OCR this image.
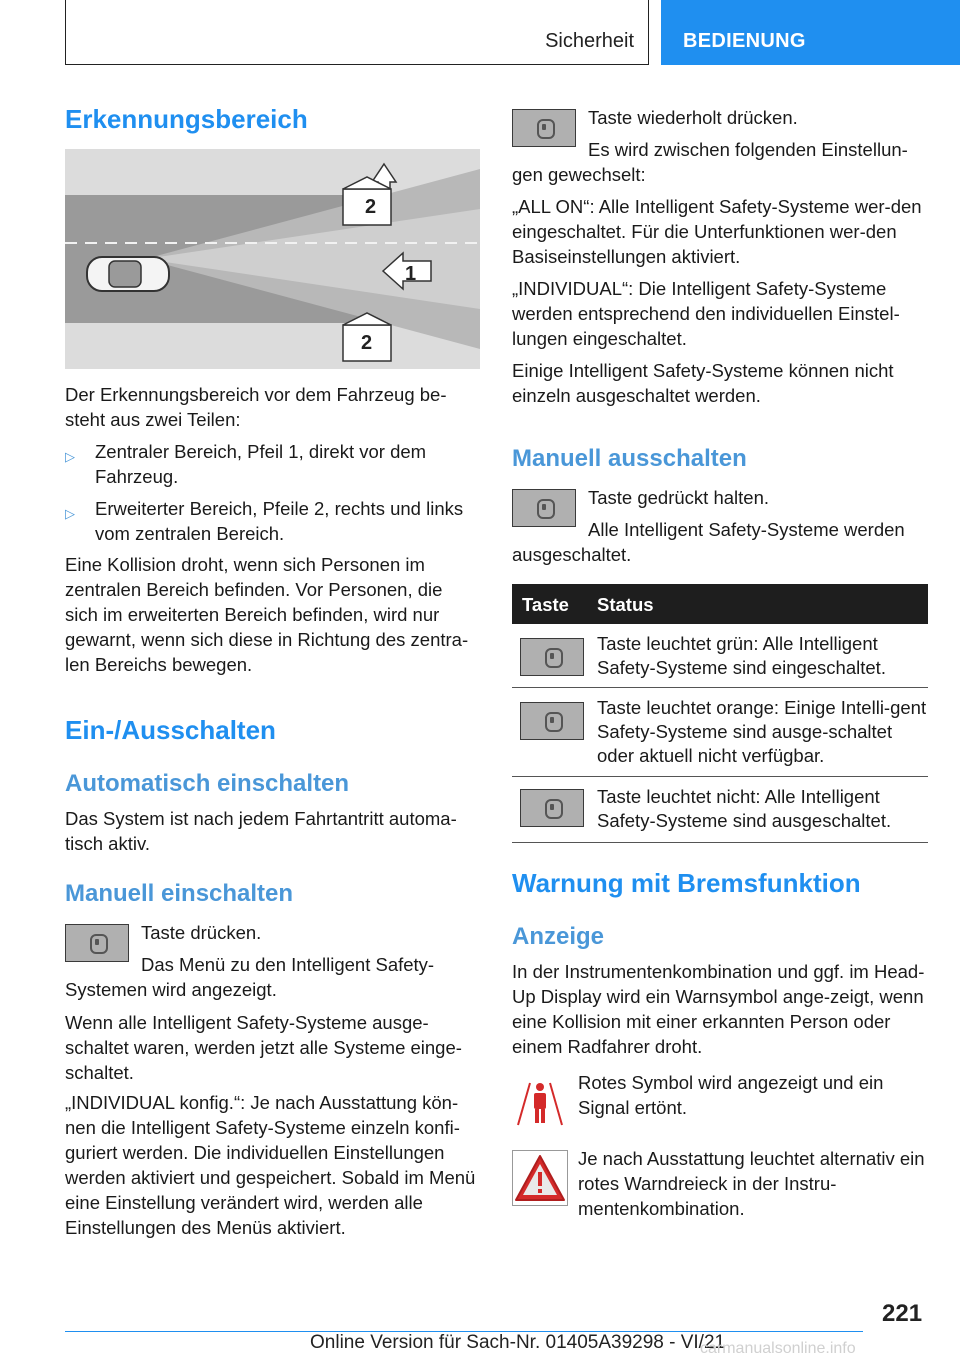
Sicherheit BEDIENUNG
Erkennungsbereich
2
1
2

Der Erkennungsbereich vor dem Fahrzeug be-steht aus zwei Teilen:

▷ Zentraler Bereich, Pfeil 1, direkt vor dem Fahrzeug.
▷ Erweiterter Bereich, Pfeile 2, rechts und links vom zentralen Bereich.

Eine Kollision droht, wenn sich Personen im zentralen Bereich befinden. Vor Personen, die sich im erweiterten Bereich befinden, wird nur gewarnt, wenn sich diese in Richtung des zentra-len Bereichs bewegen.

Ein-/Ausschalten
Automatisch einschalten

Das System ist nach jedem Fahrtantritt automa-tisch aktiv.

Manuell einschalten

Taste drücken.

Das Menü zu den Intelligent Safety-Systemen wird angezeigt.

Wenn alle Intelligent Safety-Systeme ausge-schaltet waren, werden jetzt alle Systeme einge-schaltet.

„INDIVIDUAL konfig.“: Je nach Ausstattung kön-nen die Intelligent Safety-Systeme einzeln konfi-guriert werden. Die individuellen Einstellungen werden aktiviert und gespeichert. Sobald im Menü eine Einstellung verändert wird, werden alle Einstellungen des Menüs aktiviert.

Taste wiederholt drücken.

Es wird zwischen folgenden Einstellun-gen gewechselt:

„ALL ON“: Alle Intelligent Safety-Systeme wer-den eingeschaltet. Für die Unterfunktionen wer-den Basiseinstellungen aktiviert.

„INDIVIDUAL“: Die Intelligent Safety-Systeme werden entsprechend den individuellen Einstel-lungen eingeschaltet.

Einige Intelligent Safety-Systeme können nicht einzeln ausgeschaltet werden.

Manuell ausschalten

Taste gedrückt halten.

Alle Intelligent Safety-Systeme werden ausgeschaltet.

Taste Status

Taste leuchtet grün: Alle Intelligent Safety-Systeme sind eingeschaltet.

Taste leuchtet orange: Einige Intelli-gent Safety-Systeme sind ausge-schaltet oder aktuell nicht verfügbar.

Taste leuchtet nicht: Alle Intelligent Safety-Systeme sind ausgeschaltet.

Warnung mit Bremsfunktion
Anzeige

In der Instrumentenkombination und ggf. im Head-Up Display wird ein Warnsymbol ange-zeigt, wenn eine Kollision mit einer erkannten Person oder einem Radfahrer droht.

Rotes Symbol wird angezeigt und ein Signal ertönt.

Je nach Ausstattung leuchtet alternativ ein rotes Warndreieck in der Instru-mentenkombination.

221
Online Version für Sach-Nr. 01405A39298 - VI/21
carmanualsonline.info
